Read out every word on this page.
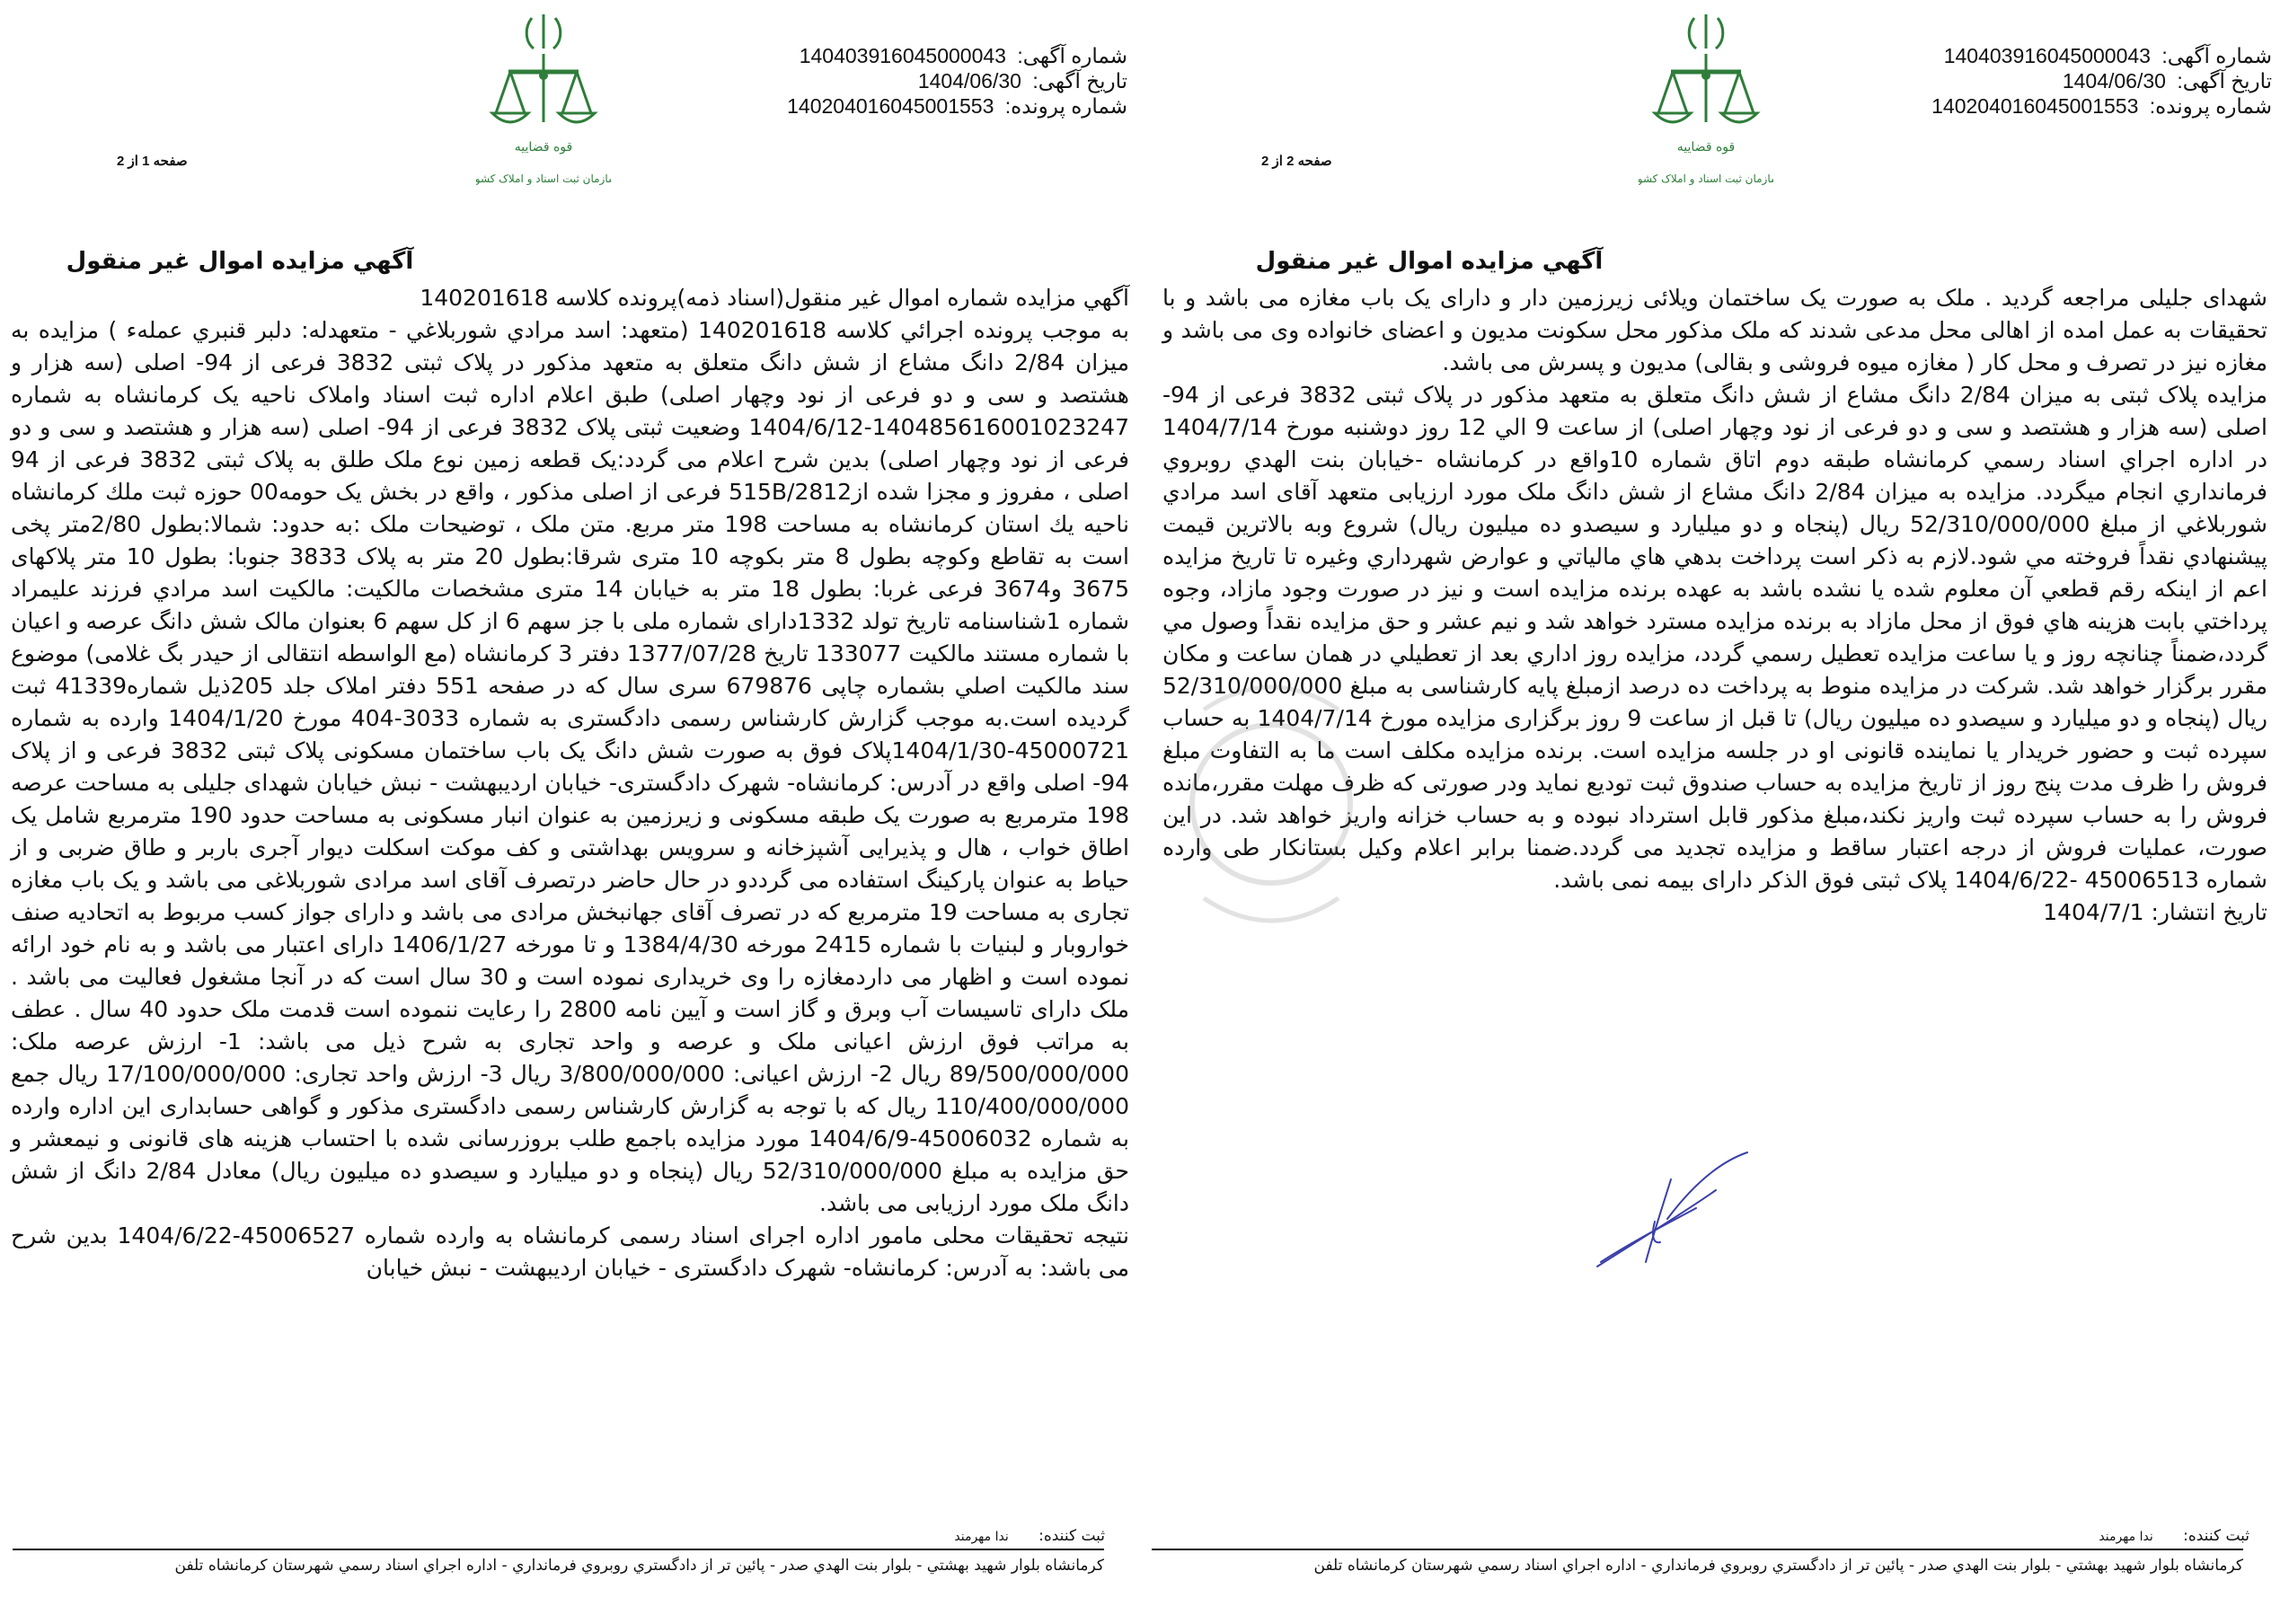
قوه قضاییه
سازمان ثبت اسناد و املاک کشور
شماره آگهی: 140403916045000043
تاریخ آگهی: 1404/06/30
شماره پرونده: 140204016045001553
صفحه 1 از 2
آگهي مزايده اموال غير منقول

آگهي مزايده شماره اموال غير منقول(اسناد ذمه)پرونده كلاسه 140201618

به موجب پرونده اجرائي كلاسه 140201618 (متعهد: اسد مرادي شوربلاغي - متعهدله: دلبر قنبري عمله‌ء ) مزايده به ميزان 2/84 دانگ مشاع از شش دانگ متعلق به متعهد مذكور در پلاک ثبتی 3832 فرعی از 94- اصلی (سه هزار و هشتصد و سی و دو فرعی از نود وچهار اصلی) طبق اعلام اداره ثبت اسناد واملاک ناحیه یک کرمانشاه به شماره 14048561600102324​7-1404/6/12 وضعیت ثبتی پلاک 3832 فرعی از 94- اصلی (سه هزار و هشتصد و سی و دو فرعی از نود وچهار اصلی) بدین شرح اعلام می گردد:یک قطعه زمین نوع ملک طلق به پلاک ثبتی 3832 فرعی از 94 اصلی ، مفروز و مجزا شده از515B/2812 فرعی از اصلی مذکور ، واقع در بخش یک حومه00 حوزه ثبت ملك كرمانشاه ناحيه يك استان کرمانشاه به مساحت 198 متر مربع. متن ملک ، توضیحات ملک :به حدود: شمالا:بطول 2/80متر پخی است به تقاطع وکوچه بطول 8 متر بکوچه 10 متری شرقا:بطول 20 متر به پلاک 3833 جنوبا: بطول 10 متر پلاکهای 3675 و3674 فرعی غربا: بطول 18 متر به خیابان 14 متری مشخصات مالکیت: مالکیت اسد مرادي فرزند علیمراد شماره 1شناسنامه تاریخ تولد 1332دارای شماره ملی با جز سهم 6 از کل سهم 6 بعنوان مالک شش دانگ عرصه و اعیان با شماره مستند مالکیت 133077 تاریخ 1377/07/28 دفتر 3 کرمانشاه (مع الواسطه انتقالی از حیدر بگ غلامی) موضوع سند مالكيت اصلي بشماره چاپی 679876 سری سال که در صفحه 551 دفتر املاک جلد 205ذیل شماره41339 ثبت گردیده است.به موجب گزارش کارشناس رسمی دادگستری به شماره 3033-404 مورخ 1404/1/20 وارده به شماره 45000721-1404/1/30پلاک فوق به صورت شش دانگ یک باب ساختمان مسکونی پلاک ثبتی 3832 فرعی و از پلاک 94- اصلی واقع در آدرس: کرمانشاه- شهرک دادگستری- خیابان اردیبهشت - نبش خیابان شهدای جلیلی به مساحت عرصه 198 مترمربع به صورت یک طبقه مسکونی و زیرزمین به عنوان انبار مسکونی به مساحت حدود 190 مترمربع شامل یک اطاق خواب ، هال و پذیرایی آشپزخانه و سرویس بهداشتی و کف موکت اسکلت دیوار آجری باربر و طاق ضربی و از حیاط به عنوان پارکینگ استفاده می گرددو در حال حاضر درتصرف آقای اسد مرادی شوربلاغی می باشد و یک باب مغازه تجاری به مساحت 19 مترمربع که در تصرف آقای جهانبخش مرادی می باشد و دارای جواز کسب مربوط به اتحادیه صنف خواروبار و لبنیات با شماره 2415 مورخه 1384/4/30 و تا مورخه 1406/1/27 دارای اعتبار می باشد و به نام خود ارائه نموده است و اظهار می داردمغازه را وی خریداری نموده است و 30 سال است که در آنجا مشغول فعالیت می باشد . ملک دارای تاسیسات آب وبرق و گاز است و آیین نامه 2800 را رعایت ننموده است قدمت ملک حدود 40 سال . عطف به مراتب فوق ارزش اعیانی ملک و عرصه و واحد تجاری به شرح ذیل می باشد: 1- ارزش عرصه ملک: 89/500/000/000 ریال 2- ارزش اعیانی: 3/800/000/000 ریال 3- ارزش واحد تجاری: 17/100/000/000 ریال جمع 110/400/000/000 ریال که با توجه به گزارش کارشناس رسمی دادگستری مذکور و گواهی حسابداری این اداره وارده به شماره 45006032-1404/6/9 مورد مزایده باجمع طلب بروزرسانی شده با احتساب هزینه های قانونی و نیمعشر و حق مزایده به مبلغ 52/310/000/000 ریال (پنجاه و دو میلیارد و سیصدو ده میلیون ریال) معادل 2/84 دانگ از شش دانگ ملک مورد ارزیابی می باشد.

نتیجه تحقیقات محلی مامور اداره اجرای اسناد رسمی کرمانشاه به وارده شماره 45006527-1404/6/22 بدین شرح می باشد: به آدرس: کرمانشاه- شهرک دادگستری - خیابان اردیبهشت - نبش خیابان

ثبت كننده: ندا مهرمند
كرمانشاه بلوار شهيد بهشتي - بلوار بنت الهدي صدر - پائين تر از دادگستري روبروي فرمانداري - اداره اجراي اسناد رسمي شهرستان كرمانشاه تلفن
قوه قضاییه
سازمان ثبت اسناد و املاک کشور
شماره آگهی: 140403916045000043
تاریخ آگهی: 1404/06/30
شماره پرونده: 140204016045001553
صفحه 2 از 2
آگهي مزايده اموال غير منقول

شهدای جلیلی مراجعه گردید . ملک به صورت یک ساختمان ویلائی زیرزمین دار و دارای یک باب مغازه می باشد و با تحقیقات به عمل امده از اهالی محل مدعی شدند که ملک مذکور محل سکونت مدیون و اعضای خانواده وی می باشد و مغازه نیز در تصرف و محل کار ( مغازه میوه فروشی و بقالی) مدیون و پسرش می باشد.

مزايده پلاک ثبتی به ميزان 2/84 دانگ مشاع از شش دانگ متعلق به متعهد مذكور در پلاک ثبتی 3832 فرعی از 94- اصلی (سه هزار و هشتصد و سی و دو فرعی از نود وچهار اصلی) از ساعت 9 الي 12 روز دوشنبه مورخ 1404/7/14 در اداره اجراي اسناد رسمي كرمانشاه طبقه دوم اتاق شماره 10واقع در كرمانشاه -خيابان بنت الهدي روبروي فرمانداري انجام ميگردد. مزايده به ميزان 2/84 دانگ مشاع از شش دانگ ملک مورد ارزیابی متعهد آقای اسد مرادي شوربلاغي از مبلغ 52/310/000/000 ريال (پنجاه و دو ميليارد و سيصدو ده ميليون ريال) شروع وبه بالاترين قيمت پيشنهادي نقداً فروخته مي شود.لازم به ذكر است پرداخت بدهي هاي مالياتي و عوارض شهرداري وغيره تا تاريخ مزايده اعم از اينكه رقم قطعي آن معلوم شده يا نشده باشد به عهده برنده مزايده است و نيز در صورت وجود مازاد، وجوه پرداختي بابت هزينه هاي فوق از محل مازاد به برنده مزايده مسترد خواهد شد و نيم عشر و حق مزايده نقداً وصول مي گردد،ضمناً چنانچه روز و يا ساعت مزايده تعطيل رسمي گردد، مزايده روز اداري بعد از تعطيلي در همان ساعت و مكان مقرر برگزار خواهد شد. شرکت در مزایده منوط به پرداخت ده درصد ازمبلغ پایه کارشناسی به مبلغ 52/310/000/000 ریال (پنجاه و دو میلیارد و سیصدو ده میلیون ریال) تا قبل از ساعت 9 روز برگزاری مزایده مورخ 1404/7/14 به حساب سپرده ثبت و حضور خریدار یا نماینده قانونی او در جلسه مزایده است. برنده مزایده مکلف است ما به التفاوت مبلغ فروش را ظرف مدت پنج روز از تاریخ مزایده به حساب صندوق ثبت تودیع نماید ودر صورتی که ظرف مهلت مقرر،مانده فروش را به حساب سپرده ثبت واریز نکند،مبلغ مذکور قابل استرداد نبوده و به حساب خزانه واریز خواهد شد. در این صورت، عملیات فروش از درجه اعتبار ساقط و مزایده تجدید می گردد.ضمنا برابر اعلام وکیل بستانکار طی وارده شماره 45006513 -1404/6/22 پلاک ثبتی فوق الذکر دارای بیمه نمی باشد.

تاریخ انتشار: 1404/7/1

ثبت كننده: ندا مهرمند
كرمانشاه بلوار شهيد بهشتي - بلوار بنت الهدي صدر - پائين تر از دادگستري روبروي فرمانداري - اداره اجراي اسناد رسمي شهرستان كرمانشاه تلفن
